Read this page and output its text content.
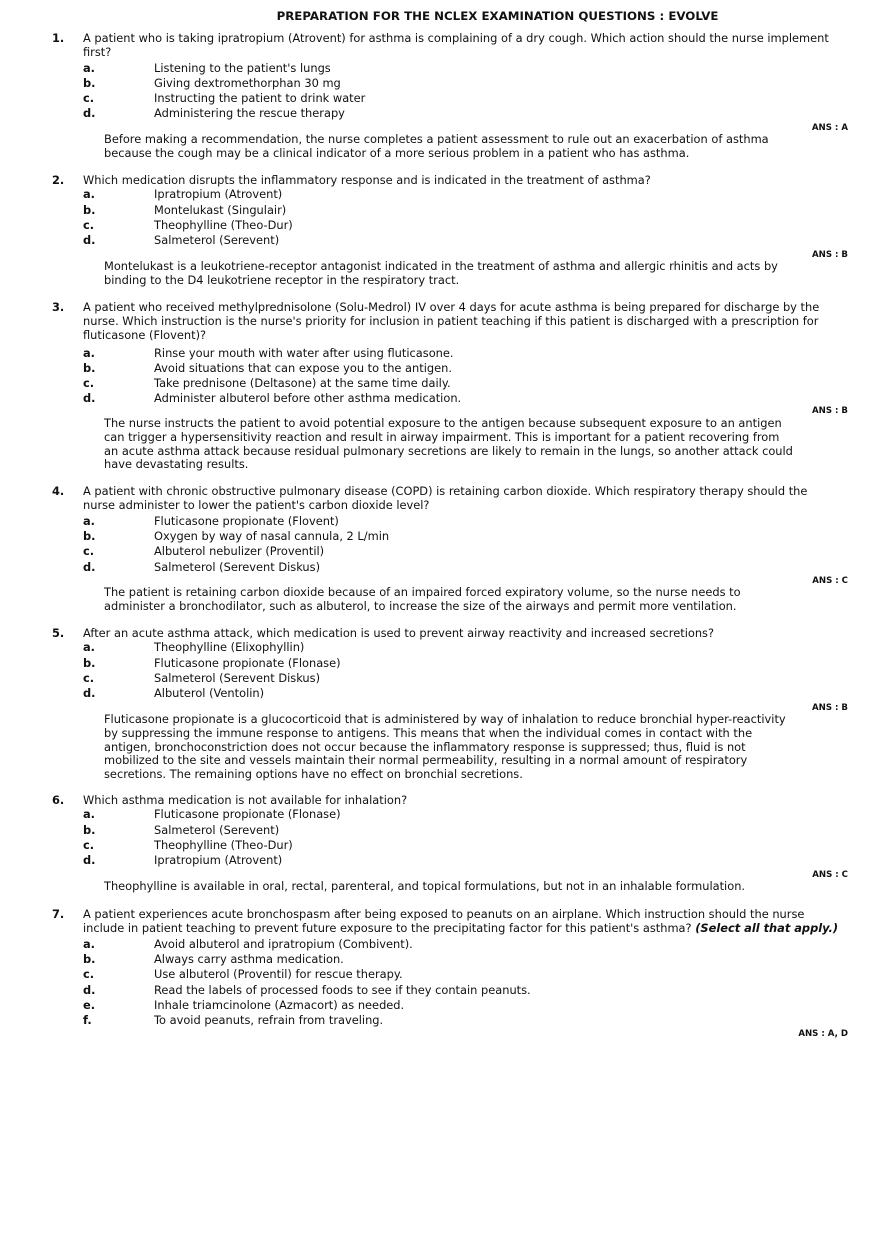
PREPARATION FOR THE NCLEX EXAMINATION QUESTIONS : EVOLVE
1. A patient who is taking ipratropium (Atrovent) for asthma is complaining of a dry cough. Which action should the nurse implement first?
a.	Listening to the patient's lungs
b.	Giving dextromethorphan 30 mg
c.	Instructing the patient to drink water
d.	Administering the rescue therapy
ANS : A
Before making a recommendation, the nurse completes a patient assessment to rule out an exacerbation of asthma because the cough may be a clinical indicator of a more serious problem in a patient who has asthma.
2. Which medication disrupts the inflammatory response and is indicated in the treatment of asthma?
a.	Ipratropium (Atrovent)
b.	Montelukast (Singulair)
c.	Theophylline (Theo-Dur)
d.	Salmeterol (Serevent)
ANS : B
Montelukast is a leukotriene-receptor antagonist indicated in the treatment of asthma and allergic rhinitis and acts by binding to the D4 leukotriene receptor in the respiratory tract.
3. A patient who received methylprednisolone (Solu-Medrol) IV over 4 days for acute asthma is being prepared for discharge by the nurse. Which instruction is the nurse's priority for inclusion in patient teaching if this patient is discharged with a prescription for fluticasone (Flovent)?
a.	Rinse your mouth with water after using fluticasone.
b.	Avoid situations that can expose you to the antigen.
c.	Take prednisone (Deltasone) at the same time daily.
d.	Administer albuterol before other asthma medication.
ANS : B
The nurse instructs the patient to avoid potential exposure to the antigen because subsequent exposure to an antigen can trigger a hypersensitivity reaction and result in airway impairment. This is important for a patient recovering from an acute asthma attack because residual pulmonary secretions are likely to remain in the lungs, so another attack could have devastating results.
4. A patient with chronic obstructive pulmonary disease (COPD) is retaining carbon dioxide. Which respiratory therapy should the nurse administer to lower the patient's carbon dioxide level?
a.	Fluticasone propionate (Flovent)
b.	Oxygen by way of nasal cannula, 2 L/min
c.	Albuterol nebulizer (Proventil)
d.	Salmeterol (Serevent Diskus)
ANS : C
The patient is retaining carbon dioxide because of an impaired forced expiratory volume, so the nurse needs to administer a bronchodilator, such as albuterol, to increase the size of the airways and permit more ventilation.
5. After an acute asthma attack, which medication is used to prevent airway reactivity and increased secretions?
a.	Theophylline (Elixophyllin)
b.	Fluticasone propionate (Flonase)
c.	Salmeterol (Serevent Diskus)
d.	Albuterol (Ventolin)
ANS : B
Fluticasone propionate is a glucocorticoid that is administered by way of inhalation to reduce bronchial hyper-reactivity by suppressing the immune response to antigens. This means that when the individual comes in contact with the antigen, bronchoconstriction does not occur because the inflammatory response is suppressed; thus, fluid is not mobilized to the site and vessels maintain their normal permeability, resulting in a normal amount of respiratory secretions. The remaining options have no effect on bronchial secretions.
6. Which asthma medication is not available for inhalation?
a.	Fluticasone propionate (Flonase)
b.	Salmeterol (Serevent)
c.	Theophylline (Theo-Dur)
d.	Ipratropium (Atrovent)
ANS : C
Theophylline is available in oral, rectal, parenteral, and topical formulations, but not in an inhalable formulation.
7. A patient experiences acute bronchospasm after being exposed to peanuts on an airplane. Which instruction should the nurse include in patient teaching to prevent future exposure to the precipitating factor for this patient's asthma? (Select all that apply.)
a.	Avoid albuterol and ipratropium (Combivent).
b.	Always carry asthma medication.
c.	Use albuterol (Proventil) for rescue therapy.
d.	Read the labels of processed foods to see if they contain peanuts.
e.	Inhale triamcinolone (Azmacort) as needed.
f.	To avoid peanuts, refrain from traveling.
ANS : A, D
